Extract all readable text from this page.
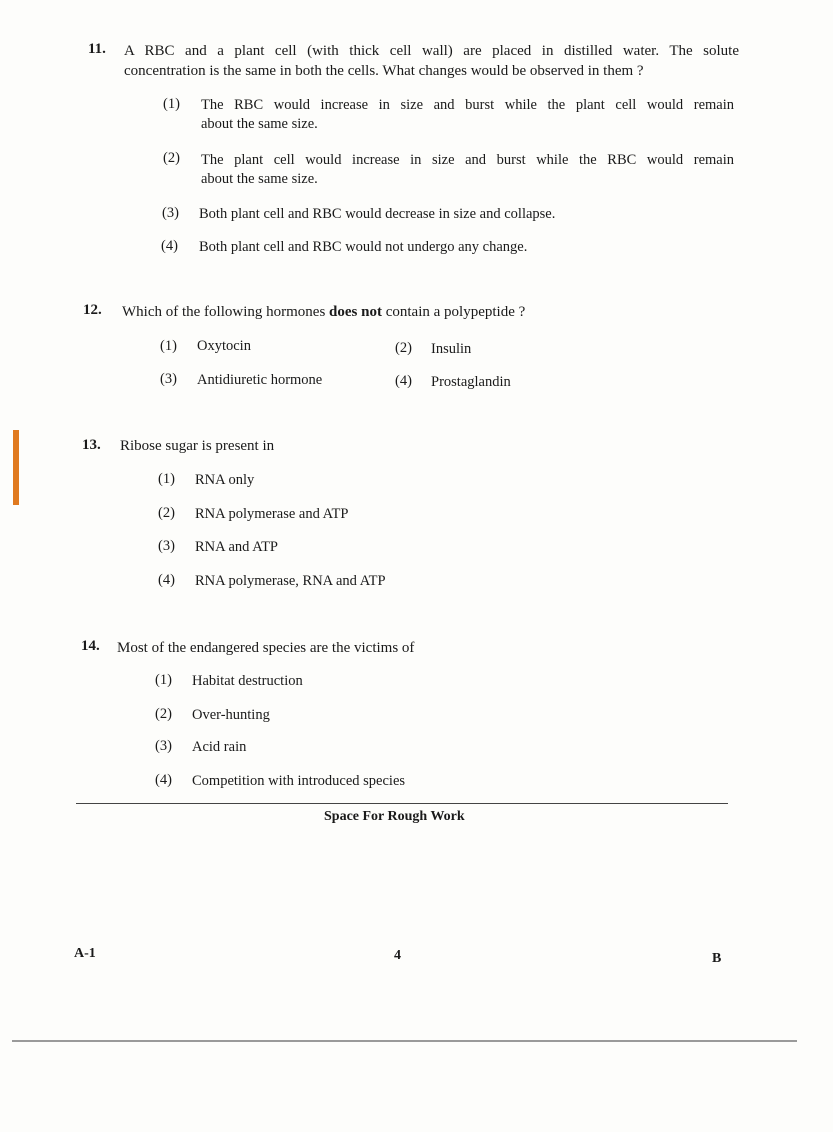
11. A RBC and a plant cell (with thick cell wall) are placed in distilled water. The solute
concentration is the same in both the cells. What changes would be observed in them ?
(1) The RBC would increase in size and burst while the plant cell would remain
about the same size.
(2) The plant cell would increase in size and burst while the RBC would remain
about the same size.
(3) Both plant cell and RBC would decrease in size and collapse.
(4) Both plant cell and RBC would not undergo any change.
12. Which of the following hormones does not contain a polypeptide ?
(1) Oxytocin	(2) Insulin
(3) Antidiuretic hormone	(4) Prostaglandin
13. Ribose sugar is present in
(1) RNA only
(2) RNA polymerase and ATP
(3) RNA and ATP
(4) RNA polymerase, RNA and ATP
14. Most of the endangered species are the victims of
(1) Habitat destruction
(2) Over-hunting
(3) Acid rain
(4) Competition with introduced species
Space For Rough Work
A-1	4	B
